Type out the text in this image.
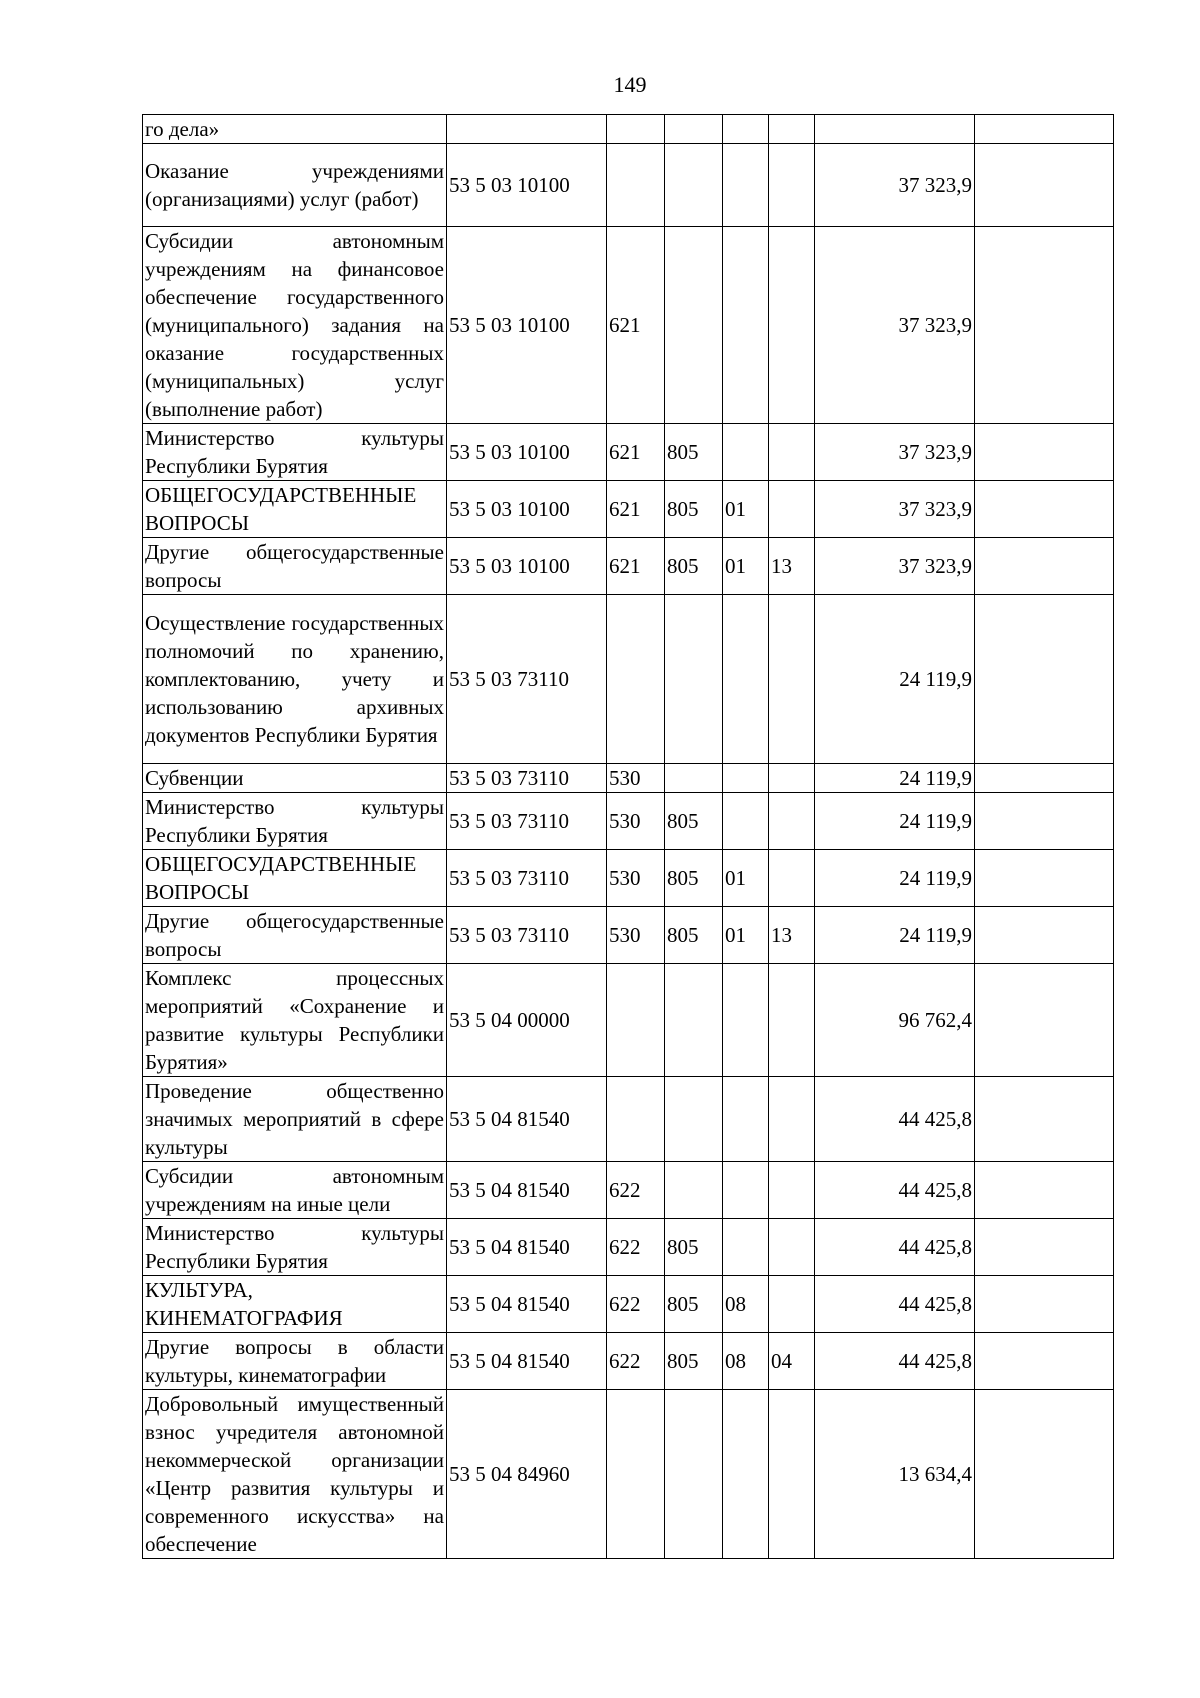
149
го дела»							
Оказание учреждениями (организациями) услуг (работ)	53 5 03 10100					37 323,9	
Субсидии автономным учреждениям на финансовое обеспечение государственного (муниципального) задания на оказание государственных (муниципальных) услуг (выполнение работ)	53 5 03 10100	621				37 323,9	
Министерство культуры Республики Бурятия	53 5 03 10100	621	805			37 323,9	
ОБЩЕГОСУДАРСТВЕННЫЕ ВОПРОСЫ	53 5 03 10100	621	805	01		37 323,9	
Другие общегосударственные вопросы	53 5 03 10100	621	805	01	13	37 323,9	
Осуществление государственных полномочий по хранению, комплектованию, учету и использованию архивных документов Республики Бурятия	53 5 03 73110					24 119,9	
Субвенции	53 5 03 73110	530				24 119,9	
Министерство культуры Республики Бурятия	53 5 03 73110	530	805			24 119,9	
ОБЩЕГОСУДАРСТВЕННЫЕ ВОПРОСЫ	53 5 03 73110	530	805	01		24 119,9	
Другие общегосударственные вопросы	53 5 03 73110	530	805	01	13	24 119,9	
Комплекс процессных мероприятий «Сохранение и развитие культуры Республики Бурятия»	53 5 04 00000					96 762,4	
Проведение общественно значимых мероприятий в сфере культуры	53 5 04 81540					44 425,8	
Субсидии автономным учреждениям на иные цели	53 5 04 81540	622				44 425,8	
Министерство культуры Республики Бурятия	53 5 04 81540	622	805			44 425,8	
КУЛЬТУРА, КИНЕМАТОГРАФИЯ	53 5 04 81540	622	805	08		44 425,8	
Другие вопросы в области культуры, кинематографии	53 5 04 81540	622	805	08	04	44 425,8	
Добровольный имущественный взнос учредителя автономной некоммерческой организации «Центр развития культуры и современного искусства» на обеспечение	53 5 04 84960					13 634,4	
